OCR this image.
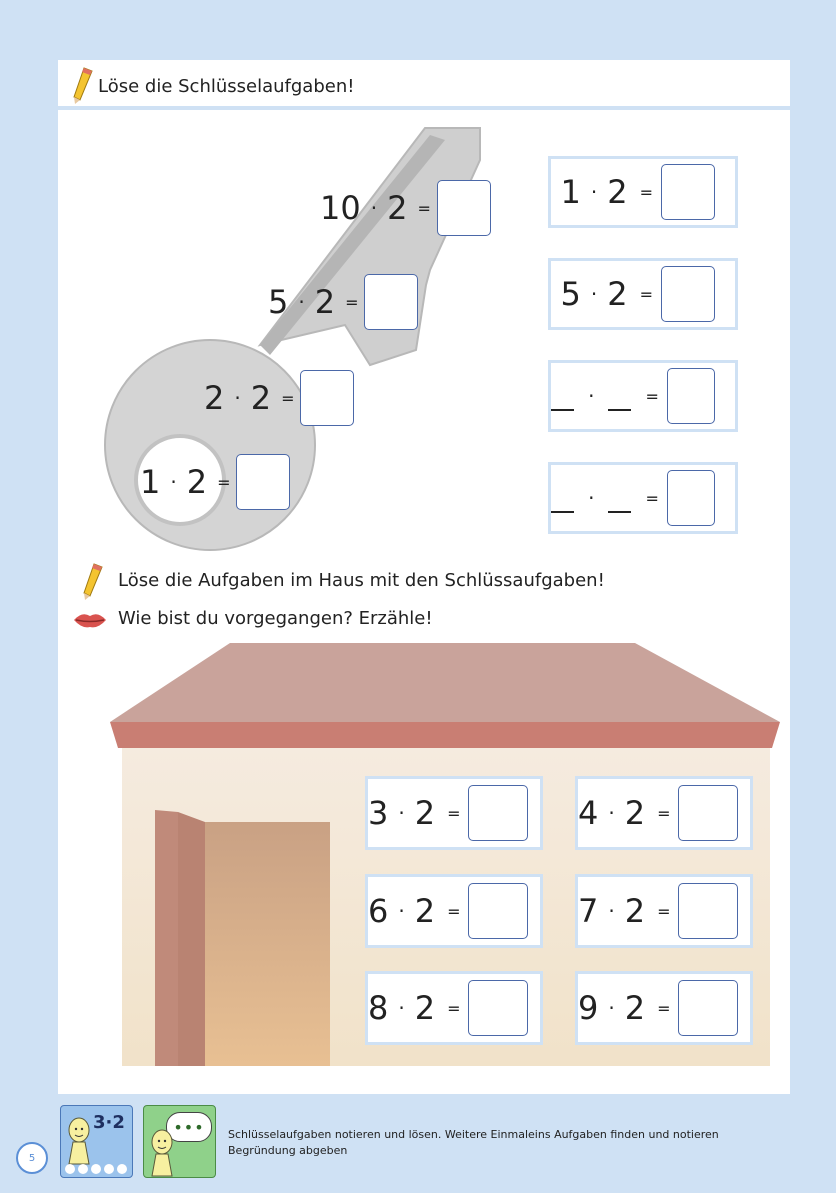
Löse die Schlüsselaufgaben!
10 · 2 =
5 · 2 =
2 · 2 =
1 · 2 =
1 · 2 =
5 · 2 =
·	=
·	=
Löse die Aufgaben im Haus mit den Schlüssaufgaben!
Wie bist du vorgegangen? Erzähle!
3 · 2 =	4 · 2 =
6 · 2 =	7 · 2 =
8 · 2 =	9 · 2 =
5
3·2	••• Schlüsselaufgaben notieren und lösen. Weitere Einmaleins Aufgaben finden und notieren Begründung abgeben
